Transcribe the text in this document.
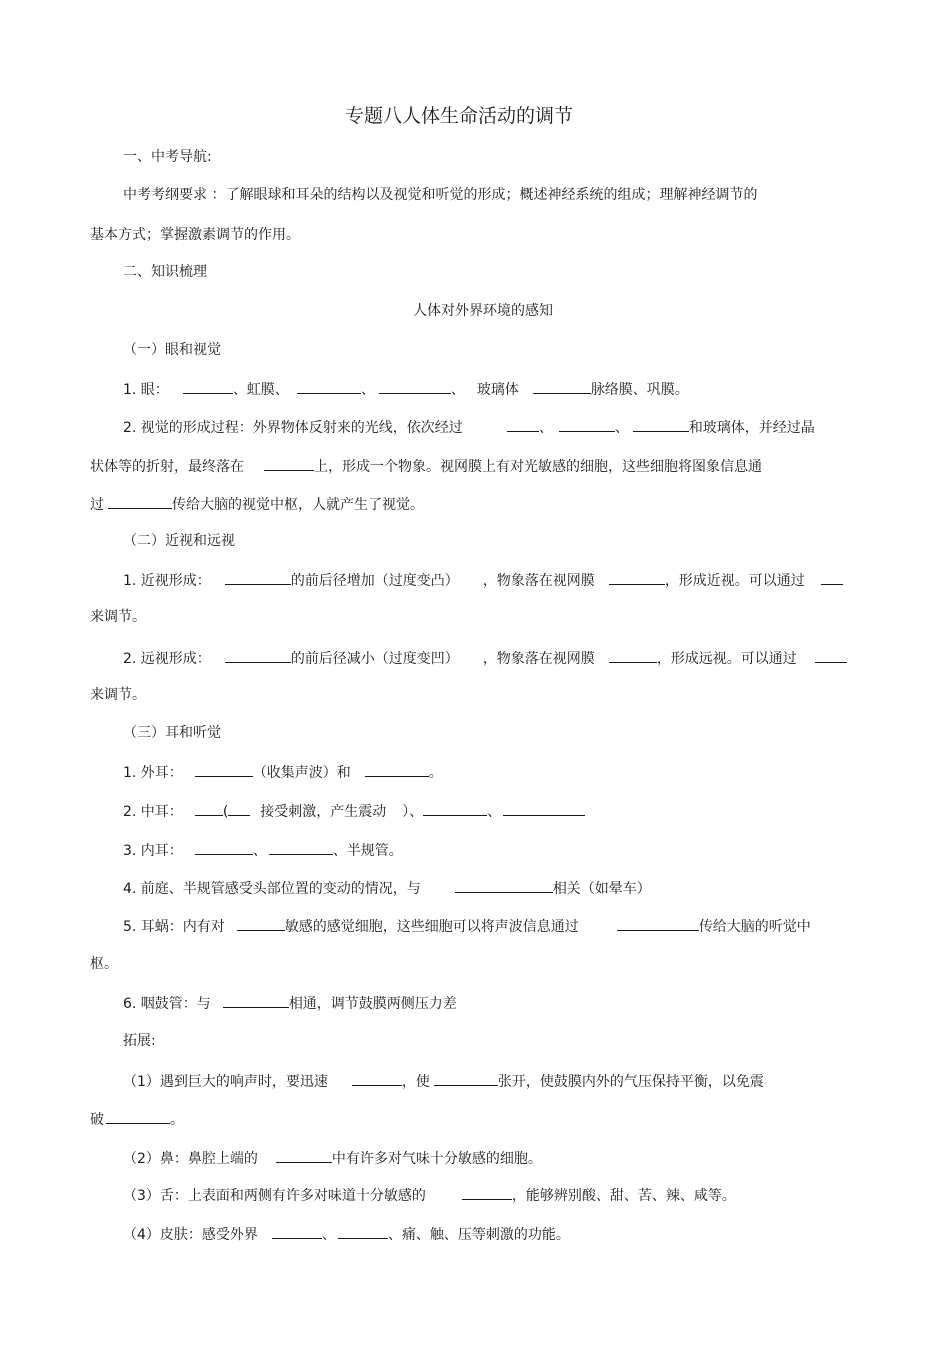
专题八人体生命活动的调节
一、中考导航:
中考考纲要求 ：了解眼球和耳朵的结构以及视觉和听觉的形成；概述神经系统的组成；理解神经调节的
基本方式；掌握激素调节的作用。
二、知识梳理
人体对外界环境的感知
（一）眼和视觉
1. 眼：	、虹膜、	、	、 玻璃体	脉络膜、巩膜。
2. 视觉的形成过程：外界物体反射来的光线，依次经过	、	、	和玻璃体，并经过晶
状体等的折射，最终落在	上，形成一个物象。视网膜上有对光敏感的细胞，这些细胞将图象信息通
过	传给大脑的视觉中枢，人就产生了视觉。
（二）近视和远视
1. 近视形成：	的前后径增加（过度变凸） ，物象落在视网膜	，形成近视。可以通过
来调节。
2. 远视形成：	的前后径减小（过度变凹） ，物象落在视网膜	，形成远视。可以通过
来调节。
（三）耳和听觉
1. 外耳：	（收集声波）和	。
2. 中耳：	( 接受刺激，产生震动 ）、	、
3. 内耳：	、	、半规管。
4. 前庭、半规管感受头部位置的变动的情况，与	相关（如晕车）
5. 耳蜗：内有对	敏感的感觉细胞，这些细胞可以将声波信息通过	传给大脑的听觉中
枢。
6. 咽鼓管：与	相通，调节鼓膜两侧压力差
拓展:
（1）遇到巨大的响声时，要迅速	，使	张开，使鼓膜内外的气压保持平衡，以免震
破	。
（2）鼻：鼻腔上端的	中有许多对气味十分敏感的细胞。
（3）舌：上表面和两侧有许多对味道十分敏感的	，能够辨别酸、甜、苦、辣、咸等。
（4）皮肤：感受外界	、	、痛、触、压等刺激的功能。
